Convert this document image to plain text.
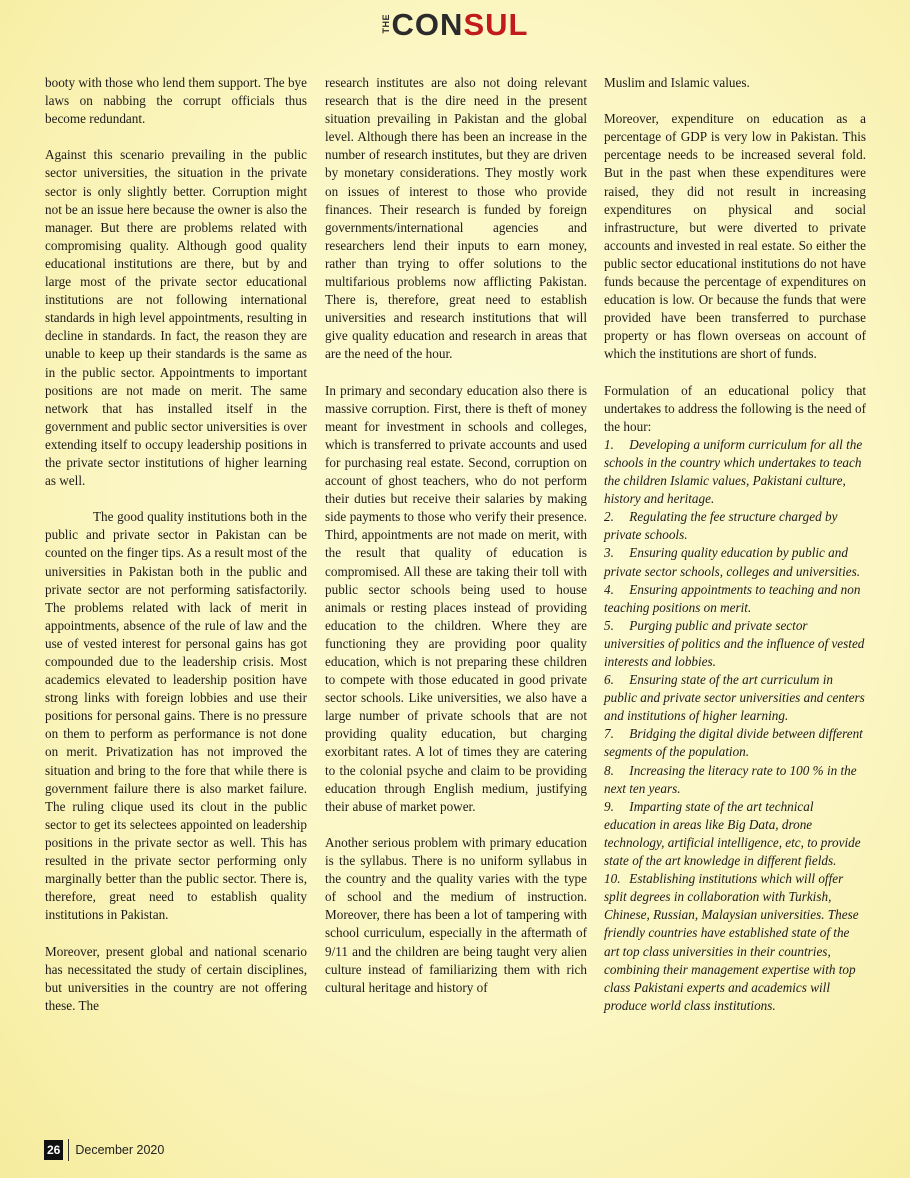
THE CONSUL

booty with those who lend them support. The bye laws on nabbing the corrupt officials thus become redundant.

Against this scenario prevailing in the public sector universities, the situation in the private sector is only slightly better. Corruption might not be an issue here because the owner is also the manager. But there are problems related with compromising quality. Although good quality educational institutions are there, but by and large most of the private sector educational institutions are not following international standards in high level appointments, resulting in decline in standards. In fact, the reason they are unable to keep up their standards is the same as in the public sector. Appointments to important positions are not made on merit. The same network that has installed itself in the government and public sector universities is over extending itself to occupy leadership positions in the private sector institutions of higher learning as well.

The good quality institutions both in the public and private sector in Pakistan can be counted on the finger tips. As a result most of the universities in Pakistan both in the public and private sector are not performing satisfactorily. The problems related with lack of merit in appointments, absence of the rule of law and the use of vested interest for personal gains has got compounded due to the leadership crisis. Most academics elevated to leadership position have strong links with foreign lobbies and use their positions for personal gains. There is no pressure on them to perform as performance is not done on merit. Privatization has not improved the situation and bring to the fore that while there is government failure there is also market failure. The ruling clique used its clout in the public sector to get its selectees appointed on leadership positions in the private sector as well. This has resulted in the private sector performing only marginally better than the public sector. There is, therefore, great need to establish quality institutions in Pakistan.

Moreover, present global and national scenario has necessitated the study of certain disciplines, but universities in the country are not offering these. The

research institutes are also not doing relevant research that is the dire need in the present situation prevailing in Pakistan and the global level. Although there has been an increase in the number of research institutes, but they are driven by monetary considerations. They mostly work on issues of interest to those who provide finances. Their research is funded by foreign governments/international agencies and researchers lend their inputs to earn money, rather than trying to offer solutions to the multifarious problems now afflicting Pakistan. There is, therefore, great need to establish universities and research institutions that will give quality education and research in areas that are the need of the hour.

In primary and secondary education also there is massive corruption. First, there is theft of money meant for investment in schools and colleges, which is transferred to private accounts and used for purchasing real estate. Second, corruption on account of ghost teachers, who do not perform their duties but receive their salaries by making side payments to those who verify their presence. Third, appointments are not made on merit, with the result that quality of education is compromised. All these are taking their toll with public sector schools being used to house animals or resting places instead of providing education to the children. Where they are functioning they are providing poor quality education, which is not preparing these children to compete with those educated in good private sector schools. Like universities, we also have a large number of private schools that are not providing quality education, but charging exorbitant rates. A lot of times they are catering to the colonial psyche and claim to be providing education through English medium, justifying their abuse of market power.

Another serious problem with primary education is the syllabus. There is no uniform syllabus in the country and the quality varies with the type of school and the medium of instruction. Moreover, there has been a lot of tampering with school curriculum, especially in the aftermath of 9/11 and the children are being taught very alien culture instead of familiarizing them with rich cultural heritage and history of

Muslim and Islamic values.

Moreover, expenditure on education as a percentage of GDP is very low in Pakistan. This percentage needs to be increased several fold. But in the past when these expenditures were raised, they did not result in increasing expenditures on physical and social infrastructure, but were diverted to private accounts and invested in real estate. So either the public sector educational institutions do not have funds because the percentage of expenditures on education is low. Or because the funds that were provided have been transferred to purchase property or has flown overseas on account of which the institutions are short of funds.

Formulation of an educational policy that undertakes to address the following is the need of the hour:

1. Developing a uniform curriculum for all the schools in the country which undertakes to teach the children Islamic values, Pakistani culture, history and heritage.
2. Regulating the fee structure charged by private schools.
3. Ensuring quality education by public and private sector schools, colleges and universities.
4. Ensuring appointments to teaching and non teaching positions on merit.
5. Purging public and private sector universities of politics and the influence of vested interests and lobbies.
6. Ensuring state of the art curriculum in public and private sector universities and centers and institutions of higher learning.
7. Bridging the digital divide between different segments of the population.
8. Increasing the literacy rate to 100 % in the next ten years.
9. Imparting state of the art technical education in areas like Big Data, drone technology, artificial intelligence, etc, to provide state of the art knowledge in different fields.
10. Establishing institutions which will offer split degrees in collaboration with Turkish, Chinese, Russian, Malaysian universities. These friendly countries have established state of the art top class universities in their countries, combining their management expertise with top class Pakistani experts and academics will produce world class institutions.
26 December 2020
